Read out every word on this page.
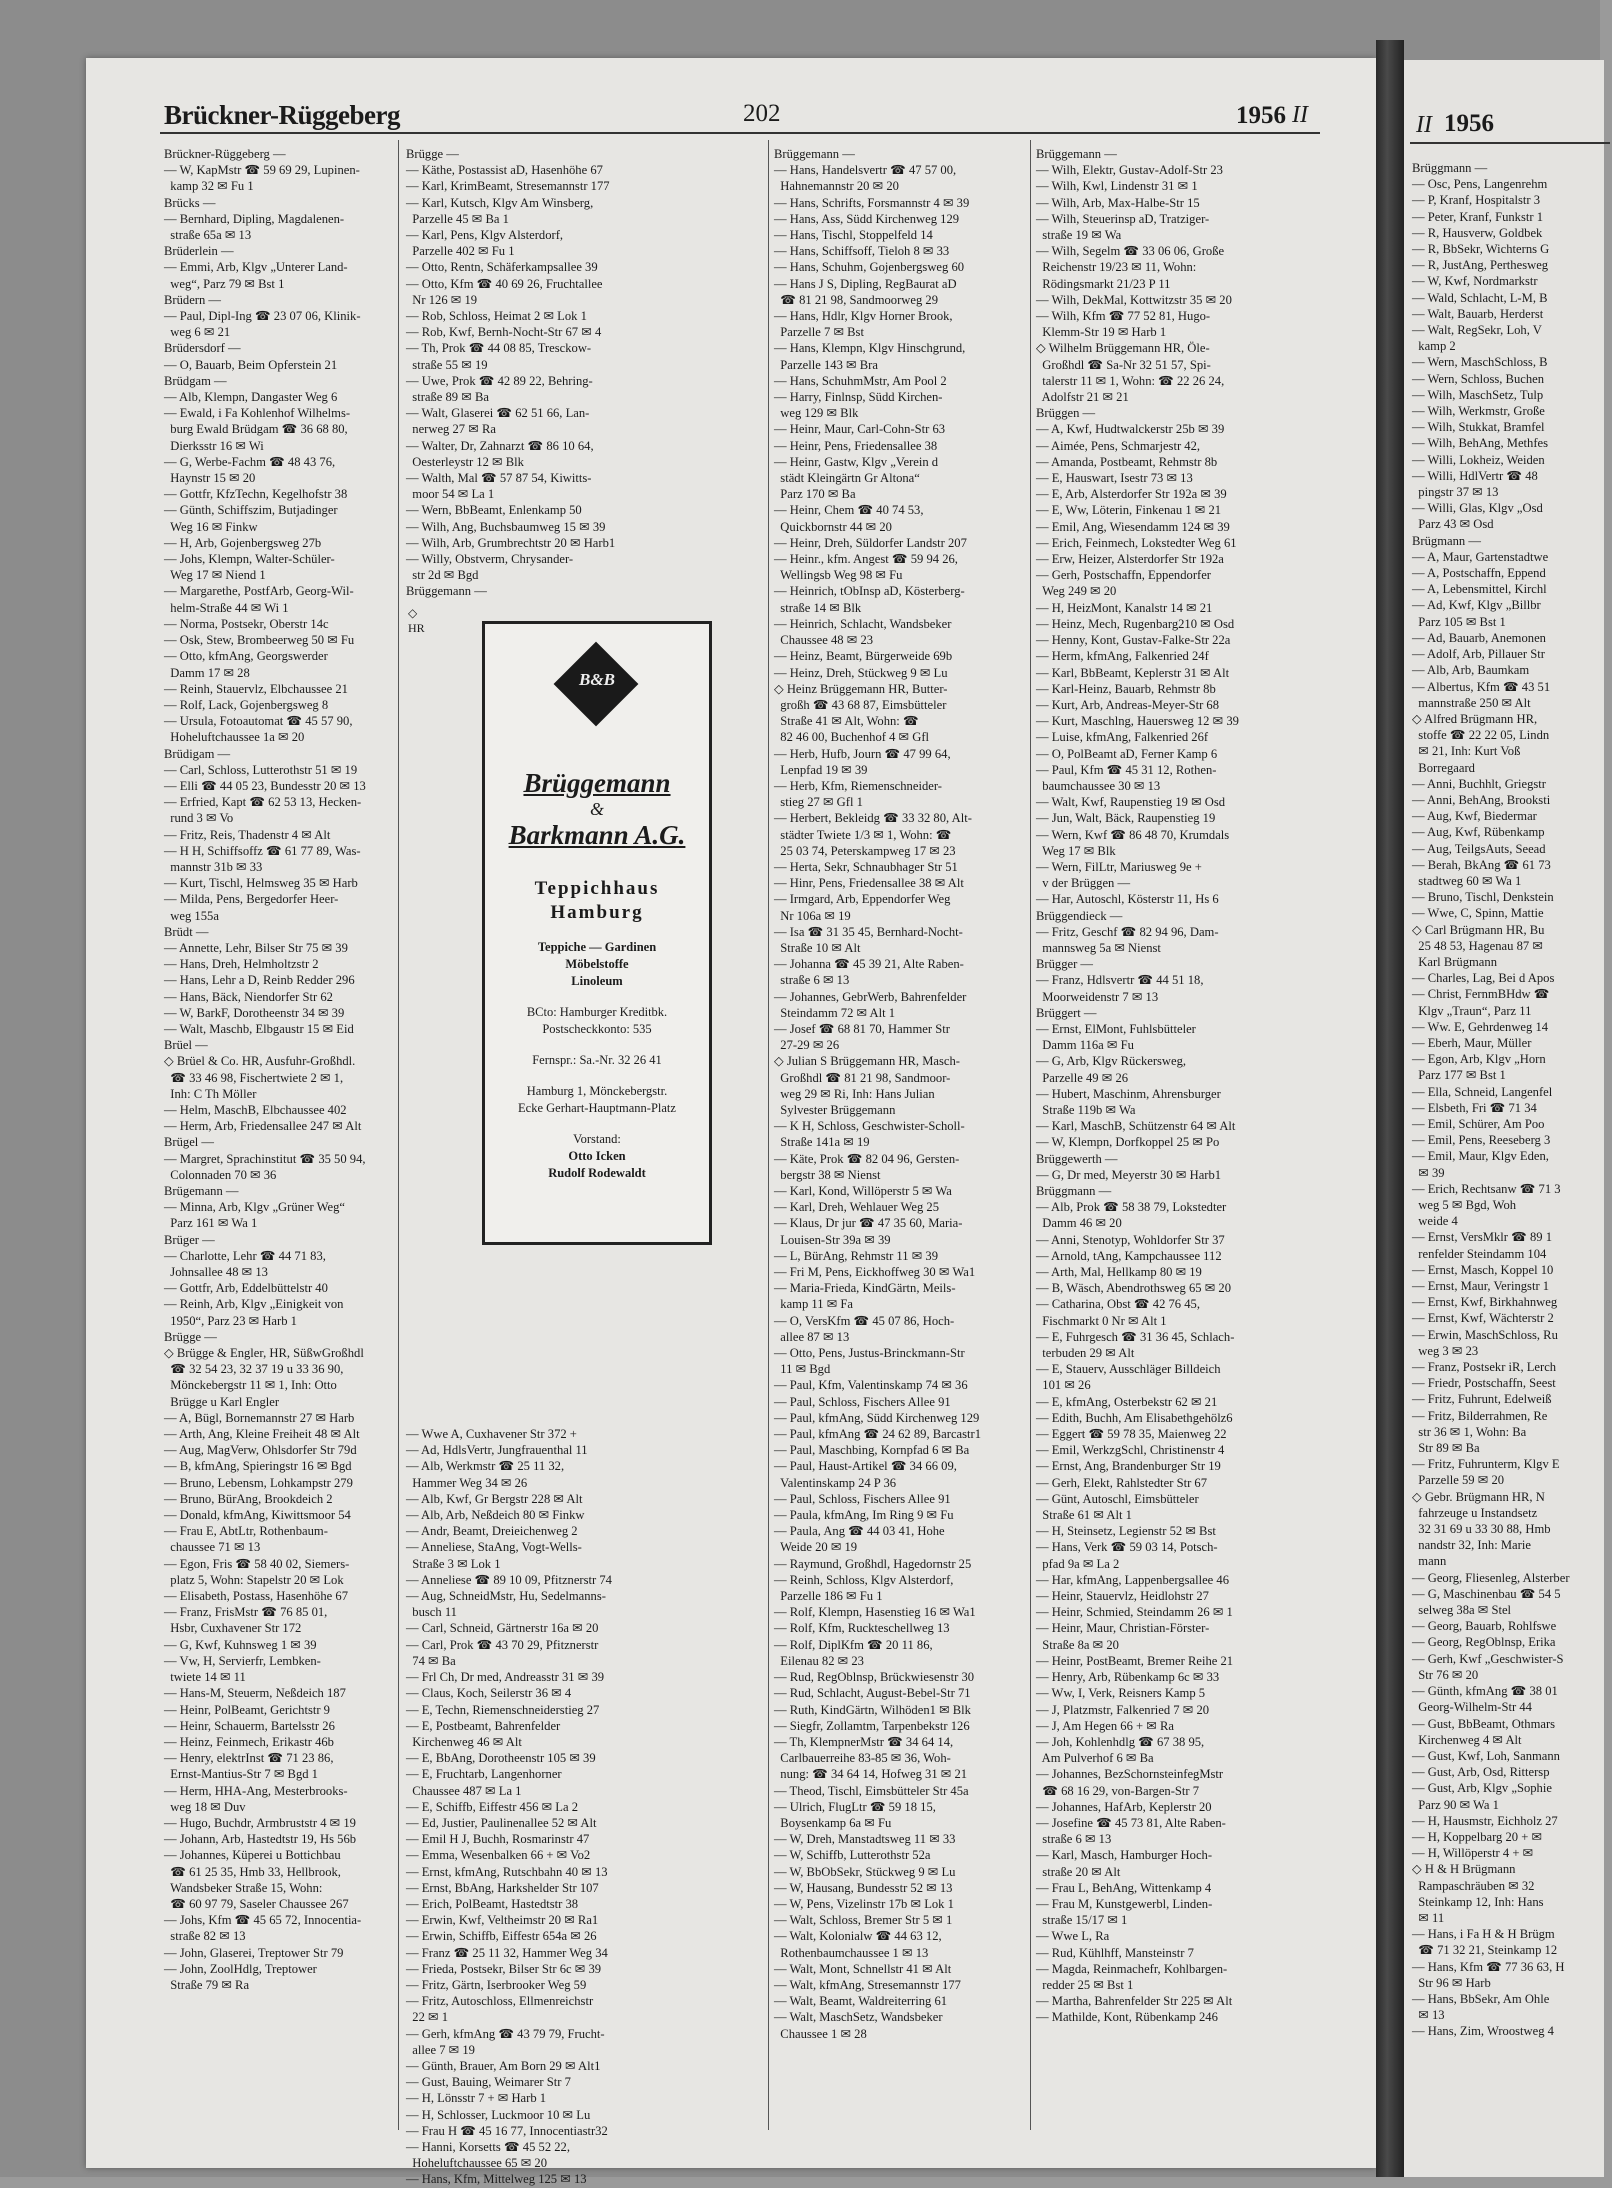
Brückner-Rüggeberg	202	1956 II
Brückner-Rüggeberg —
— W, KapMstr ☎ 59 69 29, Lupinen-
kamp 32 ✉ Fu 1
Brücks —
— Bernhard, Dipling, Magdalenen-
straße 65a ✉ 13
Brüderlein —
— Emmi, Arb, Klgv „Unterer Land-
weg“, Parz 79 ✉ Bst 1
Brüdern —
— Paul, Dipl-Ing ☎ 23 07 06, Klinik-
weg 6 ✉ 21
Brüdersdorf —
— O, Bauarb, Beim Opferstein 21
Brüdgam —
— Alb, Klempn, Dangaster Weg 6
— Ewald, i Fa Kohlenhof Wilhelms-
burg Ewald Brüdgam ☎ 36 68 80,
Dierksstr 16 ✉ Wi
— G, Werbe-Fachm ☎ 48 43 76,
Haynstr 15 ✉ 20
— Gottfr, KfzTechn, Kegelhofstr 38
— Günth, Schiffszim, Butjadinger
Weg 16 ✉ Finkw
— H, Arb, Gojenbergsweg 27b
— Johs, Klempn, Walter-Schüler-
Weg 17 ✉ Niend 1
— Margarethe, PostfArb, Georg-Wil-
helm-Straße 44 ✉ Wi 1
— Norma, Postsekr, Oberstr 14c
— Osk, Stew, Brombeerweg 50 ✉ Fu
— Otto, kfmAng, Georgswerder
Damm 17 ✉ 28
— Reinh, Stauervlz, Elbchaussee 21
— Rolf, Lack, Gojenbergsweg 8
— Ursula, Fotoautomat ☎ 45 57 90,
Hoheluftchaussee 1a ✉ 20
Brüdigam —
— Carl, Schloss, Lutterothstr 51 ✉ 19
— Elli ☎ 44 05 23, Bundesstr 20 ✉ 13
— Erfried, Kapt ☎ 62 53 13, Hecken-
rund 3 ✉ Vo
— Fritz, Reis, Thadenstr 4 ✉ Alt
— H H, Schiffsoffz ☎ 61 77 89, Was-
mannstr 31b ✉ 33
— Kurt, Tischl, Helmsweg 35 ✉ Harb
— Milda, Pens, Bergedorfer Heer-
weg 155a
Brüdt —
— Annette, Lehr, Bilser Str 75 ✉ 39
— Hans, Dreh, Helmholtzstr 2
— Hans, Lehr a D, Reinb Redder 296
— Hans, Bäck, Niendorfer Str 62
— W, BarkF, Dorotheenstr 34 ✉ 39
— Walt, Maschb, Elbgaustr 15 ✉ Eid
Brüel —
◇ Brüel & Co. HR, Ausfuhr-Großhdl.
☎ 33 46 98, Fischertwiete 2 ✉ 1,
Inh: C Th Möller
— Helm, MaschB, Elbchaussee 402
— Herm, Arb, Friedensallee 247 ✉ Alt
Brügel —
— Margret, Sprachinstitut ☎ 35 50 94,
Colonnaden 70 ✉ 36
Brügemann —
— Minna, Arb, Klgv „Grüner Weg“
Parz 161 ✉ Wa 1
Brüger —
— Charlotte, Lehr ☎ 44 71 83,
Johnsallee 48 ✉ 13
— Gottfr, Arb, Eddelbüttelstr 40
— Reinh, Arb, Klgv „Einigkeit von
1950“, Parz 23 ✉ Harb 1
Brügge —
◇ Brügge & Engler, HR, SüßwGroßhdl
☎ 32 54 23, 32 37 19 u 33 36 90,
Mönckebergstr 11 ✉ 1, Inh: Otto
Brügge u Karl Engler
— A, Bügl, Bornemannstr 27 ✉ Harb
— Arth, Ang, Kleine Freiheit 48 ✉ Alt
— Aug, MagVerw, Ohlsdorfer Str 79d
— B, kfmAng, Spieringstr 16 ✉ Bgd
— Bruno, Lebensm, Lohkampstr 279
— Bruno, BürAng, Brookdeich 2
— Donald, kfmAng, Kiwittsmoor 54
— Frau E, AbtLtr, Rothenbaum-
chaussee 71 ✉ 13
— Egon, Fris ☎ 58 40 02, Siemers-
platz 5, Wohn: Stapelstr 20 ✉ Lok
— Elisabeth, Postass, Hasenhöhe 67
— Franz, FrisMstr ☎ 76 85 01,
Hsbr, Cuxhavener Str 172
— G, Kwf, Kuhnsweg 1 ✉ 39
— Vw, H, Servierfr, Lembken-
twiete 14 ✉ 11
— Hans-M, Steuerm, Neßdeich 187
— Heinr, PolBeamt, Gerichtstr 9
— Heinr, Schauerm, Bartelsstr 26
— Heinz, Feinmech, Erikastr 46b
— Henry, elektrInst ☎ 71 23 86,
Ernst-Mantius-Str 7 ✉ Bgd 1
— Herm, HHA-Ang, Mesterbrooks-
weg 18 ✉ Duv
— Hugo, Buchdr, Armbruststr 4 ✉ 19
— Johann, Arb, Hastedtstr 19, Hs 56b
— Johannes, Küperei u Bottichbau
☎ 61 25 35, Hmb 33, Hellbrook,
Wandsbeker Straße 15, Wohn:
☎ 60 97 79, Saseler Chaussee 267
— Johs, Kfm ☎ 45 65 72, Innocentia-
straße 82 ✉ 13
— John, Glaserei, Treptower Str 79
— John, ZoolHdlg, Treptower
Straße 79 ✉ Ra
Brügge —
— Käthe, Postassist aD, Hasenhöhe 67
— Karl, KrimBeamt, Stresemannstr 177
— Karl, Kutsch, Klgv Am Winsberg,
Parzelle 45 ✉ Ba 1
— Karl, Pens, Klgv Alsterdorf,
Parzelle 402 ✉ Fu 1
— Otto, Rentn, Schäferkampsallee 39
— Otto, Kfm ☎ 40 69 26, Fruchtallee
Nr 126 ✉ 19
— Rob, Schloss, Heimat 2 ✉ Lok 1
— Rob, Kwf, Bernh-Nocht-Str 67 ✉ 4
— Th, Prok ☎ 44 08 85, Tresckow-
straße 55 ✉ 19
— Uwe, Prok ☎ 42 89 22, Behring-
straße 89 ✉ Ba
— Walt, Glaserei ☎ 62 51 66, Lan-
nerweg 27 ✉ Ra
— Walter, Dr, Zahnarzt ☎ 86 10 64,
Oesterleystr 12 ✉ Blk
— Walth, Mal ☎ 57 87 54, Kiwitts-
moor 54 ✉ La 1
— Wern, BbBeamt, Enlenkamp 50
— Wilh, Ang, Buchsbaumweg 15 ✉ 39
— Wilh, Arb, Grumbrechtstr 20 ✉ Harb1
— Willy, Obstverm, Chrysander-
str 2d ✉ Bgd
Brüggemann —

— Wwe A, Cuxhavener Str 372 +
— Ad, HdlsVertr, Jungfrauenthal 11
— Alb, Werkmstr ☎ 25 11 32,
Hammer Weg 34 ✉ 26
— Alb, Kwf, Gr Bergstr 228 ✉ Alt
— Alb, Arb, Neßdeich 80 ✉ Finkw
— Andr, Beamt, Dreieichenweg 2
— Anneliese, StaAng, Vogt-Wells-
Straße 3 ✉ Lok 1
— Anneliese ☎ 89 10 09, Pfitznerstr 74
— Aug, SchneidMstr, Hu, Sedelmanns-
busch 11
— Carl, Schneid, Gärtnerstr 16a ✉ 20
— Carl, Prok ☎ 43 70 29, Pfitznerstr
74 ✉ Ba
— Frl Ch, Dr med, Andreasstr 31 ✉ 39
— Claus, Koch, Seilerstr 36 ✉ 4
— E, Techn, Riemenschneiderstieg 27
— E, Postbeamt, Bahrenfelder
Kirchenweg 46 ✉ Alt
— E, BbAng, Dorotheenstr 105 ✉ 39
— E, Fruchtarb, Langenhorner
Chaussee 487 ✉ La 1
— E, Schiffb, Eiffestr 456 ✉ La 2
— Ed, Justier, Paulinenallee 52 ✉ Alt
— Emil H J, Buchh, Rosmarinstr 47
— Emma, Wesenbalken 66 + ✉ Vo2
— Ernst, kfmAng, Rutschbahn 40 ✉ 13
— Ernst, BbAng, Harkshelder Str 107
— Erich, PolBeamt, Hastedtstr 38
— Erwin, Kwf, Veltheimstr 20 ✉ Ra1
— Erwin, Schiffb, Eiffestr 654a ✉ 26
— Franz ☎ 25 11 32, Hammer Weg 34
— Frieda, Postsekr, Bilser Str 6c ✉ 39
— Fritz, Gärtn, Iserbrooker Weg 59
— Fritz, Autoschloss, Ellmenreichstr
22 ✉ 1
— Gerh, kfmAng ☎ 43 79 79, Frucht-
allee 7 ✉ 19
— Günth, Brauer, Am Born 29 ✉ Alt1
— Gust, Bauing, Weimarer Str 7
— H, Lönsstr 7 + ✉ Harb 1
— H, Schlosser, Luckmoor 10 ✉ Lu
— Frau H ☎ 45 16 77, Innocentiastr32
— Hanni, Korsetts ☎ 45 52 22,
Hoheluftchaussee 65 ✉ 20
— Hans, Kfm, Mittelweg 125 ✉ 13
Brüggemann —
— Hans, Handelsvertr ☎ 47 57 00,
Hahnemannstr 20 ✉ 20
— Hans, Schrifts, Forsmannstr 4 ✉ 39
— Hans, Ass, Südd Kirchenweg 129
— Hans, Tischl, Stoppelfeld 14
— Hans, Schiffsoff, Tieloh 8 ✉ 33
— Hans, Schuhm, Gojenbergsweg 60
— Hans J S, Dipling, RegBaurat aD
☎ 81 21 98, Sandmoorweg 29
— Hans, Hdlr, Klgv Horner Brook,
Parzelle 7 ✉ Bst
— Hans, Klempn, Klgv Hinschgrund,
Parzelle 143 ✉ Bra
— Hans, SchuhmMstr, Am Pool 2
— Harry, Finlnsp, Südd Kirchen-
weg 129 ✉ Blk
— Heinr, Maur, Carl-Cohn-Str 63
— Heinr, Pens, Friedensallee 38
— Heinr, Gastw, Klgv „Verein d
städt Kleingärtn Gr Altona“
Parz 170 ✉ Ba
— Heinr, Chem ☎ 40 74 53,
Quickbornstr 44 ✉ 20
— Heinr, Dreh, Süldorfer Landstr 207
— Heinr., kfm. Angest ☎ 59 94 26,
Wellingsb Weg 98 ✉ Fu
— Heinrich, tObInsp aD, Kösterberg-
straße 14 ✉ Blk
— Heinrich, Schlacht, Wandsbeker
Chaussee 48 ✉ 23
— Heinz, Beamt, Bürgerweide 69b
— Heinz, Dreh, Stückweg 9 ✉ Lu
◇ Heinz Brüggemann HR, Butter-
großh ☎ 43 68 87, Eimsbütteler
Straße 41 ✉ Alt, Wohn: ☎
82 46 00, Buchenhof 4 ✉ Gfl
— Herb, Hufb, Journ ☎ 47 99 64,
Lenpfad 19 ✉ 39
— Herb, Kfm, Riemenschneider-
stieg 27 ✉ Gfl 1
— Herbert, Bekleidg ☎ 33 32 80, Alt-
städter Twiete 1/3 ✉ 1, Wohn: ☎
25 03 74, Peterskampweg 17 ✉ 23
— Herta, Sekr, Schnaubhager Str 51
— Hinr, Pens, Friedensallee 38 ✉ Alt
— Irmgard, Arb, Eppendorfer Weg
Nr 106a ✉ 19
— Isa ☎ 31 35 45, Bernhard-Nocht-
Straße 10 ✉ Alt
— Johanna ☎ 45 39 21, Alte Raben-
straße 6 ✉ 13
— Johannes, GebrWerb, Bahrenfelder
Steindamm 72 ✉ Alt 1
— Josef ☎ 68 81 70, Hammer Str
27-29 ✉ 26
◇ Julian S Brüggemann HR, Masch-
Großhdl ☎ 81 21 98, Sandmoor-
weg 29 ✉ Ri, Inh: Hans Julian
Sylvester Brüggemann
— K H, Schloss, Geschwister-Scholl-
Straße 141a ✉ 19
— Käte, Prok ☎ 82 04 96, Gersten-
bergstr 38 ✉ Nienst
— Karl, Kond, Willöperstr 5 ✉ Wa
— Karl, Dreh, Wehlauer Weg 25
— Klaus, Dr jur ☎ 47 35 60, Maria-
Louisen-Str 39a ✉ 39
— L, BürAng, Rehmstr 11 ✉ 39
— Fri M, Pens, Eickhoffweg 30 ✉ Wa1
— Maria-Frieda, KindGärtn, Meils-
kamp 11 ✉ Fa
— O, VersKfm ☎ 45 07 86, Hoch-
allee 87 ✉ 13
— Otto, Pens, Justus-Brinckmann-Str
11 ✉ Bgd
— Paul, Kfm, Valentinskamp 74 ✉ 36
— Paul, Schloss, Fischers Allee 91
— Paul, kfmAng, Südd Kirchenweg 129
— Paul, kfmAng ☎ 24 62 89, Barcastr1
— Paul, Maschbing, Kornpfad 6 ✉ Ba
— Paul, Haust-Artikel ☎ 34 66 09,
Valentinskamp 24 P 36
— Paul, Schloss, Fischers Allee 91
— Paula, kfmAng, Im Ring 9 ✉ Fu
— Paula, Ang ☎ 44 03 41, Hohe
Weide 20 ✉ 19
— Raymund, Großhdl, Hagedornstr 25
— Reinh, Schloss, Klgv Alsterdorf,
Parzelle 186 ✉ Fu 1
— Rolf, Klempn, Hasenstieg 16 ✉ Wa1
— Rolf, Kfm, Ruckteschellweg 13
— Rolf, DiplKfm ☎ 20 11 86,
Eilenau 82 ✉ 23
— Rud, RegOblnsp, Brückwiesenstr 30
— Rud, Schlacht, August-Bebel-Str 71
— Ruth, KindGärtn, Wilhöden1 ✉ Blk
— Siegfr, Zollamtm, Tarpenbekstr 126
— Th, KlempnerMstr ☎ 34 64 14,
Carlbauerreihe 83-85 ✉ 36, Woh-
nung: ☎ 34 64 14, Hofweg 31 ✉ 21
— Theod, Tischl, Eimsbütteler Str 45a
— Ulrich, FlugLtr ☎ 59 18 15,
Boysenkamp 6a ✉ Fu
— W, Dreh, Manstadtsweg 11 ✉ 33
— W, Schiffb, Lutterothstr 52a
— W, BbObSekr, Stückweg 9 ✉ Lu
— W, Hausang, Bundesstr 52 ✉ 13
— W, Pens, Vizelinstr 17b ✉ Lok 1
— Walt, Schloss, Bremer Str 5 ✉ 1
— Walt, Kolonialw ☎ 44 63 12,
Rothenbaumchaussee 1 ✉ 13
— Walt, Mont, Schnellstr 41 ✉ Alt
— Walt, kfmAng, Stresemannstr 177
— Walt, Beamt, Waldreiterring 61
— Walt, MaschSetz, Wandsbeker
Chaussee 1 ✉ 28
Brüggemann —
— Wilh, Elektr, Gustav-Adolf-Str 23
— Wilh, Kwl, Lindenstr 31 ✉ 1
— Wilh, Arb, Max-Halbe-Str 15
— Wilh, Steuerinsp aD, Tratziger-
straße 19 ✉ Wa
— Wilh, Segelm ☎ 33 06 06, Große
Reichenstr 19/23 ✉ 11, Wohn:
Rödingsmarkt 21/23 P 11
— Wilh, DekMal, Kottwitzstr 35 ✉ 20
— Wilh, Kfm ☎ 77 52 81, Hugo-
Klemm-Str 19 ✉ Harb 1
◇ Wilhelm Brüggemann HR, Öle-
Großhdl ☎ Sa-Nr 32 51 57, Spi-
talerstr 11 ✉ 1, Wohn: ☎ 22 26 24,
Adolfstr 21 ✉ 21
Brüggen —
— A, Kwf, Hudtwalckerstr 25b ✉ 39
— Aimée, Pens, Schmarjestr 42,
— Amanda, Postbeamt, Rehmstr 8b
— E, Hauswart, Isestr 73 ✉ 13
— E, Arb, Alsterdorfer Str 192a ✉ 39
— E, Ww, Löterin, Finkenau 1 ✉ 21
— Emil, Ang, Wiesendamm 124 ✉ 39
— Erich, Feinmech, Lokstedter Weg 61
— Erw, Heizer, Alsterdorfer Str 192a
— Gerh, Postschaffn, Eppendorfer
Weg 249 ✉ 20
— H, HeizMont, Kanalstr 14 ✉ 21
— Heinz, Mech, Rugenbarg210 ✉ Osd
— Henny, Kont, Gustav-Falke-Str 22a
— Herm, kfmAng, Falkenried 24f
— Karl, BbBeamt, Keplerstr 31 ✉ Alt
— Karl-Heinz, Bauarb, Rehmstr 8b
— Kurt, Arb, Andreas-Meyer-Str 68
— Kurt, Maschlng, Hauersweg 12 ✉ 39
— Luise, kfmAng, Falkenried 26f
— O, PolBeamt aD, Ferner Kamp 6
— Paul, Kfm ☎ 45 31 12, Rothen-
baumchaussee 30 ✉ 13
— Walt, Kwf, Raupenstieg 19 ✉ Osd
— Jun, Walt, Bäck, Raupenstieg 19
— Wern, Kwf ☎ 86 48 70, Krumdals
Weg 17 ✉ Blk
— Wern, FilLtr, Mariusweg 9e +
v der Brüggen —
— Har, Autoschl, Kösterstr 11, Hs 6
Brüggendieck —
— Fritz, Geschf ☎ 82 94 96, Dam-
mannsweg 5a ✉ Nienst
Brügger —
— Franz, Hdlsvertr ☎ 44 51 18,
Moorweidenstr 7 ✉ 13
Brüggert —
— Ernst, ElMont, Fuhlsbütteler
Damm 116a ✉ Fu
— G, Arb, Klgv Rückersweg,
Parzelle 49 ✉ 26
— Hubert, Maschinm, Ahrensburger
Straße 119b ✉ Wa
— Karl, MaschB, Schützenstr 64 ✉ Alt
— W, Klempn, Dorfkoppel 25 ✉ Po
Brüggewerth —
— G, Dr med, Meyerstr 30 ✉ Harb1
Brüggmann —
— Alb, Prok ☎ 58 38 79, Lokstedter
Damm 46 ✉ 20
— Anni, Stenotyp, Wohldorfer Str 37
— Arnold, tAng, Kampchaussee 112
— Arth, Mal, Hellkamp 80 ✉ 19
— B, Wäsch, Abendrothsweg 65 ✉ 20
— Catharina, Obst ☎ 42 76 45,
Fischmarkt 0 Nr ✉ Alt 1
— E, Fuhrgesch ☎ 31 36 45, Schlach-
terbuden 29 ✉ Alt
— E, Stauerv, Ausschläger Billdeich
101 ✉ 26
— E, kfmAng, Osterbekstr 62 ✉ 21
— Edith, Buchh, Am Elisabethgehölz6
— Eggert ☎ 59 78 35, Maienweg 22
— Emil, WerkzgSchl, Christinenstr 4
— Ernst, Ang, Brandenburger Str 19
— Gerh, Elekt, Rahlstedter Str 67
— Günt, Autoschl, Eimsbütteler
Straße 61 ✉ Alt 1
— H, Steinsetz, Legienstr 52 ✉ Bst
— Hans, Verk ☎ 59 03 14, Potsch-
pfad 9a ✉ La 2
— Har, kfmAng, Lappenbergsallee 46
— Heinr, Stauervlz, Heidlohstr 27
— Heinr, Schmied, Steindamm 26 ✉ 1
— Heinr, Maur, Christian-Förster-
Straße 8a ✉ 20
— Heinr, PostBeamt, Bremer Reihe 21
— Henry, Arb, Rübenkamp 6c ✉ 33
— Ww, I, Verk, Reisners Kamp 5
— J, Platzmstr, Falkenried 7 ✉ 20
— J, Am Hegen 66 + ✉ Ra
— Joh, Kohlenhdlg ☎ 67 38 95,
Am Pulverhof 6 ✉ Ba
— Johannes, BezSchornsteinfegMstr
☎ 68 16 29, von-Bargen-Str 7
— Johannes, HafArb, Keplerstr 20
— Josefine ☎ 45 73 81, Alte Raben-
straße 6 ✉ 13
— Karl, Masch, Hamburger Hoch-
straße 20 ✉ Alt
— Frau L, BehAng, Wittenkamp 4
— Frau M, Kunstgewerbl, Linden-
straße 15/17 ✉ 1
— Wwe L, Ra
— Rud, Kühlhff, Mansteinstr 7
— Magda, Reinmachefr, Kohlbargen-
redder 25 ✉ Bst 1
— Martha, Bahrenfelder Str 225 ✉ Alt
— Mathilde, Kont, Rübenkamp 246
◇ HR
B&B
Brüggemann
&
Barkmann A.G.
Teppichhaus Hamburg
Teppiche — Gardinen
Möbelstoffe
Linoleum
BCto: Hamburger Kreditbk.
Postscheckkonto: 535
Fernspr.: Sa.-Nr. 32 26 41
Hamburg 1, Mönckebergstr.
Ecke Gerhart-Hauptmann-Platz
Vorstand:
Otto Icken
Rudolf Rodewaldt
II 1956
Brüggmann —
— Osc, Pens, Langenrehm
— P, Kranf, Hospitalstr 3
— Peter, Kranf, Funkstr 1
— R, Hausverw, Goldbek
— R, BbSekr, Wichterns G
— R, JustAng, Perthesweg
— W, Kwf, Nordmarkstr
— Wald, Schlacht, L-M, B
— Walt, Bauarb, Herderst
— Walt, RegSekr, Loh, V
kamp 2
— Wern, MaschSchloss, B
— Wern, Schloss, Buchen
— Wilh, MaschSetz, Tulp
— Wilh, Werkmstr, Große
— Wilh, Stukkat, Bramfel
— Wilh, BehAng, Methfes
— Willi, Lokheiz, Weiden
— Willi, HdlVertr ☎ 48
pingstr 37 ✉ 13
— Willi, Glas, Klgv „Osd
Parz 43 ✉ Osd
Brügmann —
— A, Maur, Gartenstadtwe
— A, Postschaffn, Eppend
— A, Lebensmittel, Kirchl
— Ad, Kwf, Klgv „Billbr
Parz 105 ✉ Bst 1
— Ad, Bauarb, Anemonen
— Adolf, Arb, Pillauer Str
— Alb, Arb, Baumkam
— Albertus, Kfm ☎ 43 51
mannstraße 250 ✉ Alt
◇ Alfred Brügmann HR,
stoffe ☎ 22 22 05, Lindn
✉ 21, Inh: Kurt Voß
Borregaard
— Anni, Buchhlt, Griegstr
— Anni, BehAng, Brooksti
— Aug, Kwf, Biedermar
— Aug, Kwf, Rübenkamp
— Aug, TeilgsAuts, Seead
— Berah, BkAng ☎ 61 73
stadtweg 60 ✉ Wa 1
— Bruno, Tischl, Denkstein
— Wwe, C, Spinn, Mattie
◇ Carl Brügmann HR, Bu
25 48 53, Hagenau 87 ✉
Karl Brügmann
— Charles, Lag, Bei d Apos
— Christ, FernmBHdw ☎
Klgv „Traun“, Parz 11
— Ww. E, Gehrdenweg 14
— Eberh, Maur, Müller
— Egon, Arb, Klgv „Horn
Parz 177 ✉ Bst 1
— Ella, Schneid, Langenfel
— Elsbeth, Fri ☎ 71 34
— Emil, Schürer, Am Poo
— Emil, Pens, Reeseberg 3
— Emil, Maur, Klgv Eden,
✉ 39
— Erich, Rechtsanw ☎ 71 3
weg 5 ✉ Bgd, Woh
weide 4
— Ernst, VersMklr ☎ 89 1
renfelder Steindamm 104
— Ernst, Masch, Koppel 10
— Ernst, Maur, Veringstr 1
— Ernst, Kwf, Birkhahnweg
— Ernst, Kwf, Wächterstr 2
— Erwin, MaschSchloss, Ru
weg 3 ✉ 23
— Franz, Postsekr iR, Lerch
— Friedr, Postschaffn, Seest
— Fritz, Fuhrunt, Edelweiß
— Fritz, Bilderrahmen, Re
str 36 ✉ 1, Wohn: Ba
Str 89 ✉ Ba
— Fritz, Fuhrunterm, Klgv E
Parzelle 59 ✉ 20
◇ Gebr. Brügmann HR, N
fahrzeuge u Instandsetz
32 31 69 u 33 30 88, Hmb
nandstr 32, Inh: Marie
mann
— Georg, Fliesenleg, Alsterber
— G, Maschinenbau ☎ 54 5
selweg 38a ✉ Stel
— Georg, Bauarb, Rohlfswe
— Georg, RegOblnsp, Erika
— Gerh, Kwf „Geschwister-S
Str 76 ✉ 20
— Günth, kfmAng ☎ 38 01
Georg-Wilhelm-Str 44
— Gust, BbBeamt, Othmars
Kirchenweg 4 ✉ Alt
— Gust, Kwf, Loh, Sanmann
— Gust, Arb, Osd, Rittersp
— Gust, Arb, Klgv „Sophie
Parz 90 ✉ Wa 1
— H, Hausmstr, Eichholz 27
— H, Koppelbarg 20 + ✉
— H, Willöperstr 4 + ✉
◇ H & H Brügmann
Rampaschräuben ✉ 32
Steinkamp 12, Inh: Hans
✉ 11
— Hans, i Fa H & H Brügm
☎ 71 32 21, Steinkamp 12
— Hans, Kfm ☎ 77 36 63, H
Str 96 ✉ Harb
— Hans, BbSekr, Am Ohle
✉ 13
— Hans, Zim, Wroostweg 4
